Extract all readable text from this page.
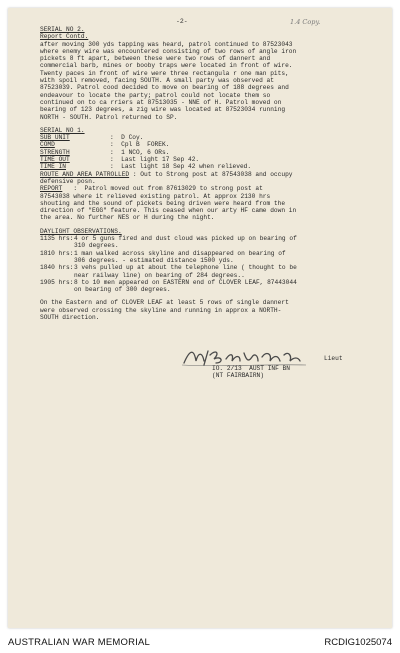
-2-	1.4 Copy.
SERIAL NO 2.
Report Contd.
after moving 300 yds tapping was heard, patrol continued to 87523043
where enemy wire was encountered consisting of two rows of angle iron
pickets 8 ft apart, between these were two rows of dannert and
commercial barb, mines or booby traps were located in front of wire.
Twenty paces in front of wire were three rectangula r one man pits,
with spoil removed, facing SOUTH. A small party was observed at
87523039. Patrol cood decided to move on bearing of 188 degrees and
endeavour to locate the party; patrol could not locate them so
continued on to ca rriers at 87513035 - NNE of H. Patrol moved on
bearing of 123 degrees, a zig wire was located at 87523034 running
NORTH - SOUTH. Patrol returned to SP.
SERIAL NO 1.
SUB UNIT	:  D Coy.
COMD	:  Cpl B  FOREK.
STRENGTH	:  1 NCO, 6 ORs.
TIME OUT	:  Last light 17 Sep 42.
TIME IN	:  Last light 18 Sep 42 when relieved.
ROUTE AND AREA PATROLLED : Out to Strong post at 87543038 and occupy
defensive posn.
REPORT   :  Patrol moved out from 87613029 to strong post at
87543038 where it relieved existing patrol. At approx 2130 hrs
shouting and the sound of pickets being driven were heard from the
direction of "EGG" feature. This ceased when our arty HF came down in
the area. No further NES or H during the night.
DAYLIGHT OBSERVATIONS.
1135 hrs: 4 or 5 guns fired and dust cloud was picked up on bearing of
310 degrees.
1810 hrs: 1 man walked across skyline and disappeared on bearing of
306 degrees. - estimated distance 1500 yds.
1840 hrs: 3 vehs pulled up at about the telephone line ( thought to be
near railway line) on bearing of 284 degrees..
1905 hrs: 8 to 10 men appeared on EASTERN end of CLOVER LEAF, 87443044
on bearing of 300 degrees.
On the Eastern and of CLOVER LEAF at least 5 rows of single dannert
were observed crossing the skyline and running in approx a NORTH-
SOUTH direction.
Lieut
IO. 2/13  AUST INF BN
(NT FAIRBAIRN)
AUSTRALIAN WAR MEMORIAL	RCDIG1025074
